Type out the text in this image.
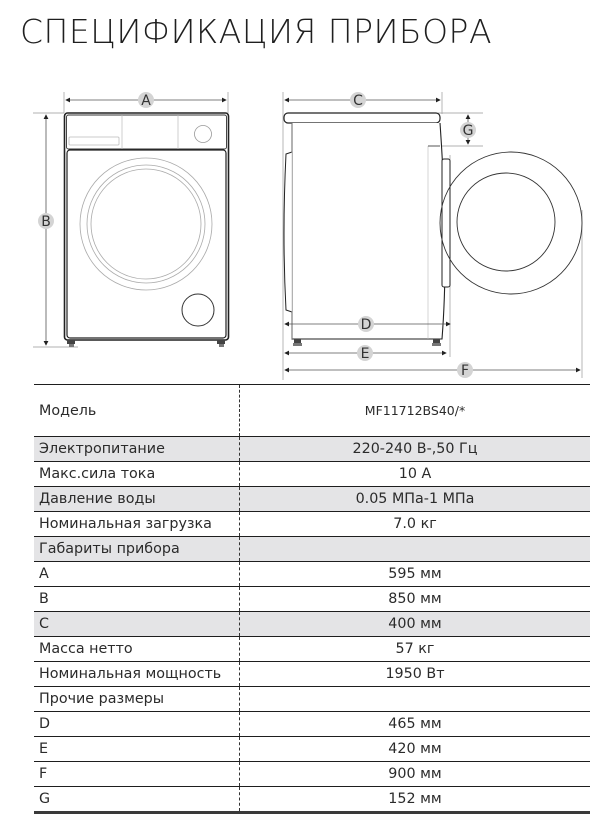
СПЕЦИФИКАЦИЯ ПРИБОРА
A
B
C
G
D
E
F
Модель	MF11712BS40/*
Электропитание	220-240 В-,50 Гц
Макс.сила тока	10 А
Давление воды	0.05 МПа-1 МПа
Номинальная загрузка	7.0 кг
Габариты прибора	
A	595 мм
B	850 мм
C	400 мм
Масса нетто	57 кг
Номинальная мощность	1950 Вт
Прочие размеры	
D	465 мм
E	420 мм
F	900 мм
G	152 мм
